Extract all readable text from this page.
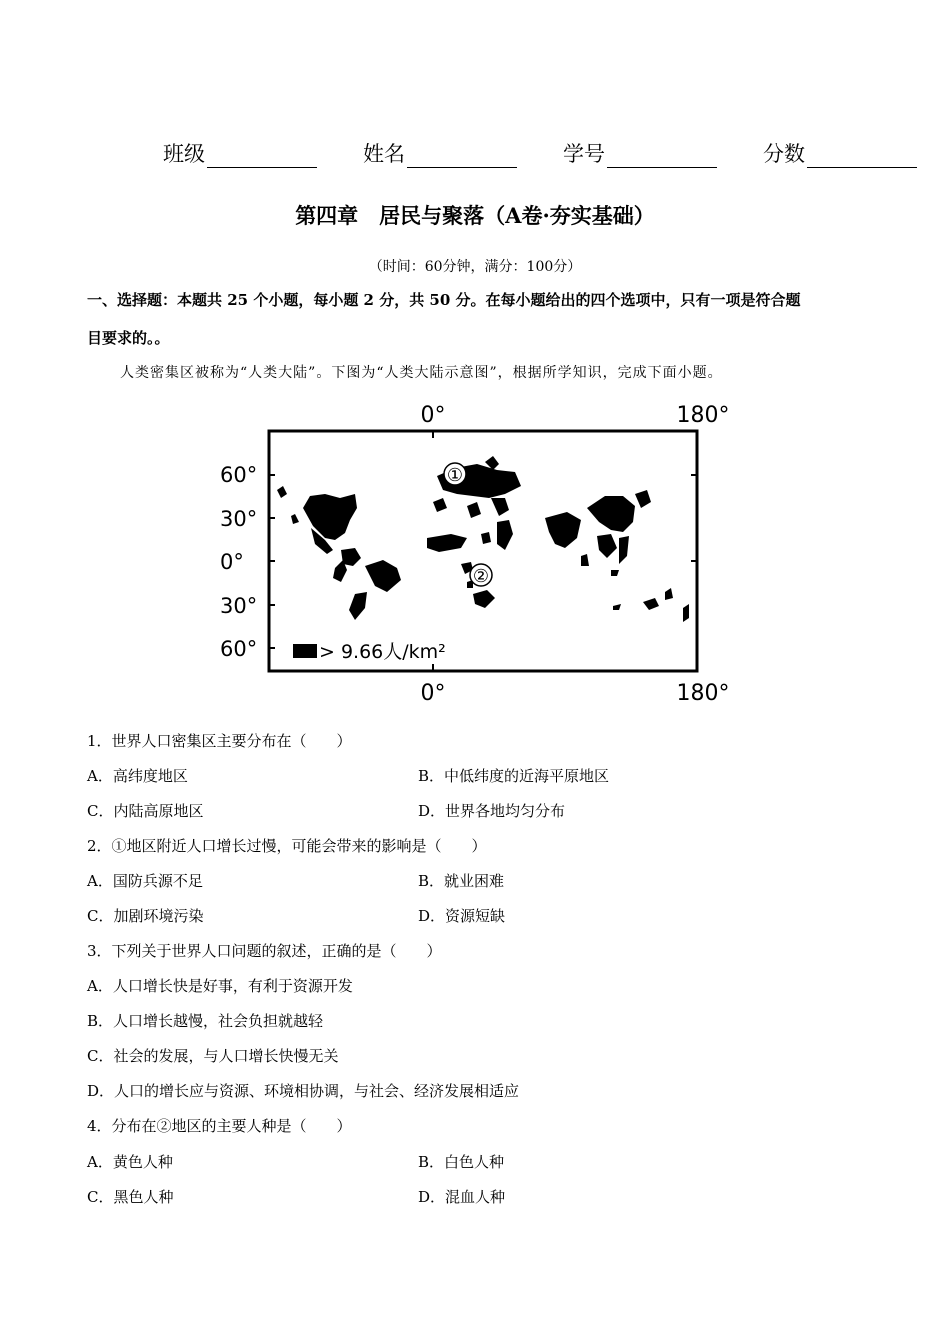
班级	姓名	学号	分数
第四章　居民与聚落（A卷·夯实基础）
（时间：60分钟，满分：100分）
一、选择题：本题共 25 个小题，每小题 2 分，共 50 分。在每小题给出的四个选项中，只有一项是符合题
目要求的。。
人类密集区被称为“人类大陆”。下图为“人类大陆示意图”，根据所学知识，完成下面小题。
0°	180°
0°	180°
60°
30°
0°
30°
60°
①
②
> 9.66人/km²
1．世界人口密集区主要分布在（　　）
A．高纬度地区	B．中低纬度的近海平原地区
C．内陆高原地区	D．世界各地均匀分布
2．①地区附近人口增长过慢，可能会带来的影响是（　　）
A．国防兵源不足	B．就业困难
C．加剧环境污染	D．资源短缺
3．下列关于世界人口问题的叙述，正确的是（　　）
A．人口增长快是好事，有利于资源开发
B．人口增长越慢，社会负担就越轻
C．社会的发展，与人口增长快慢无关
D．人口的增长应与资源、环境相协调，与社会、经济发展相适应
4．分布在②地区的主要人种是（　　）
A．黄色人种	B．白色人种
C．黑色人种	D．混血人种
